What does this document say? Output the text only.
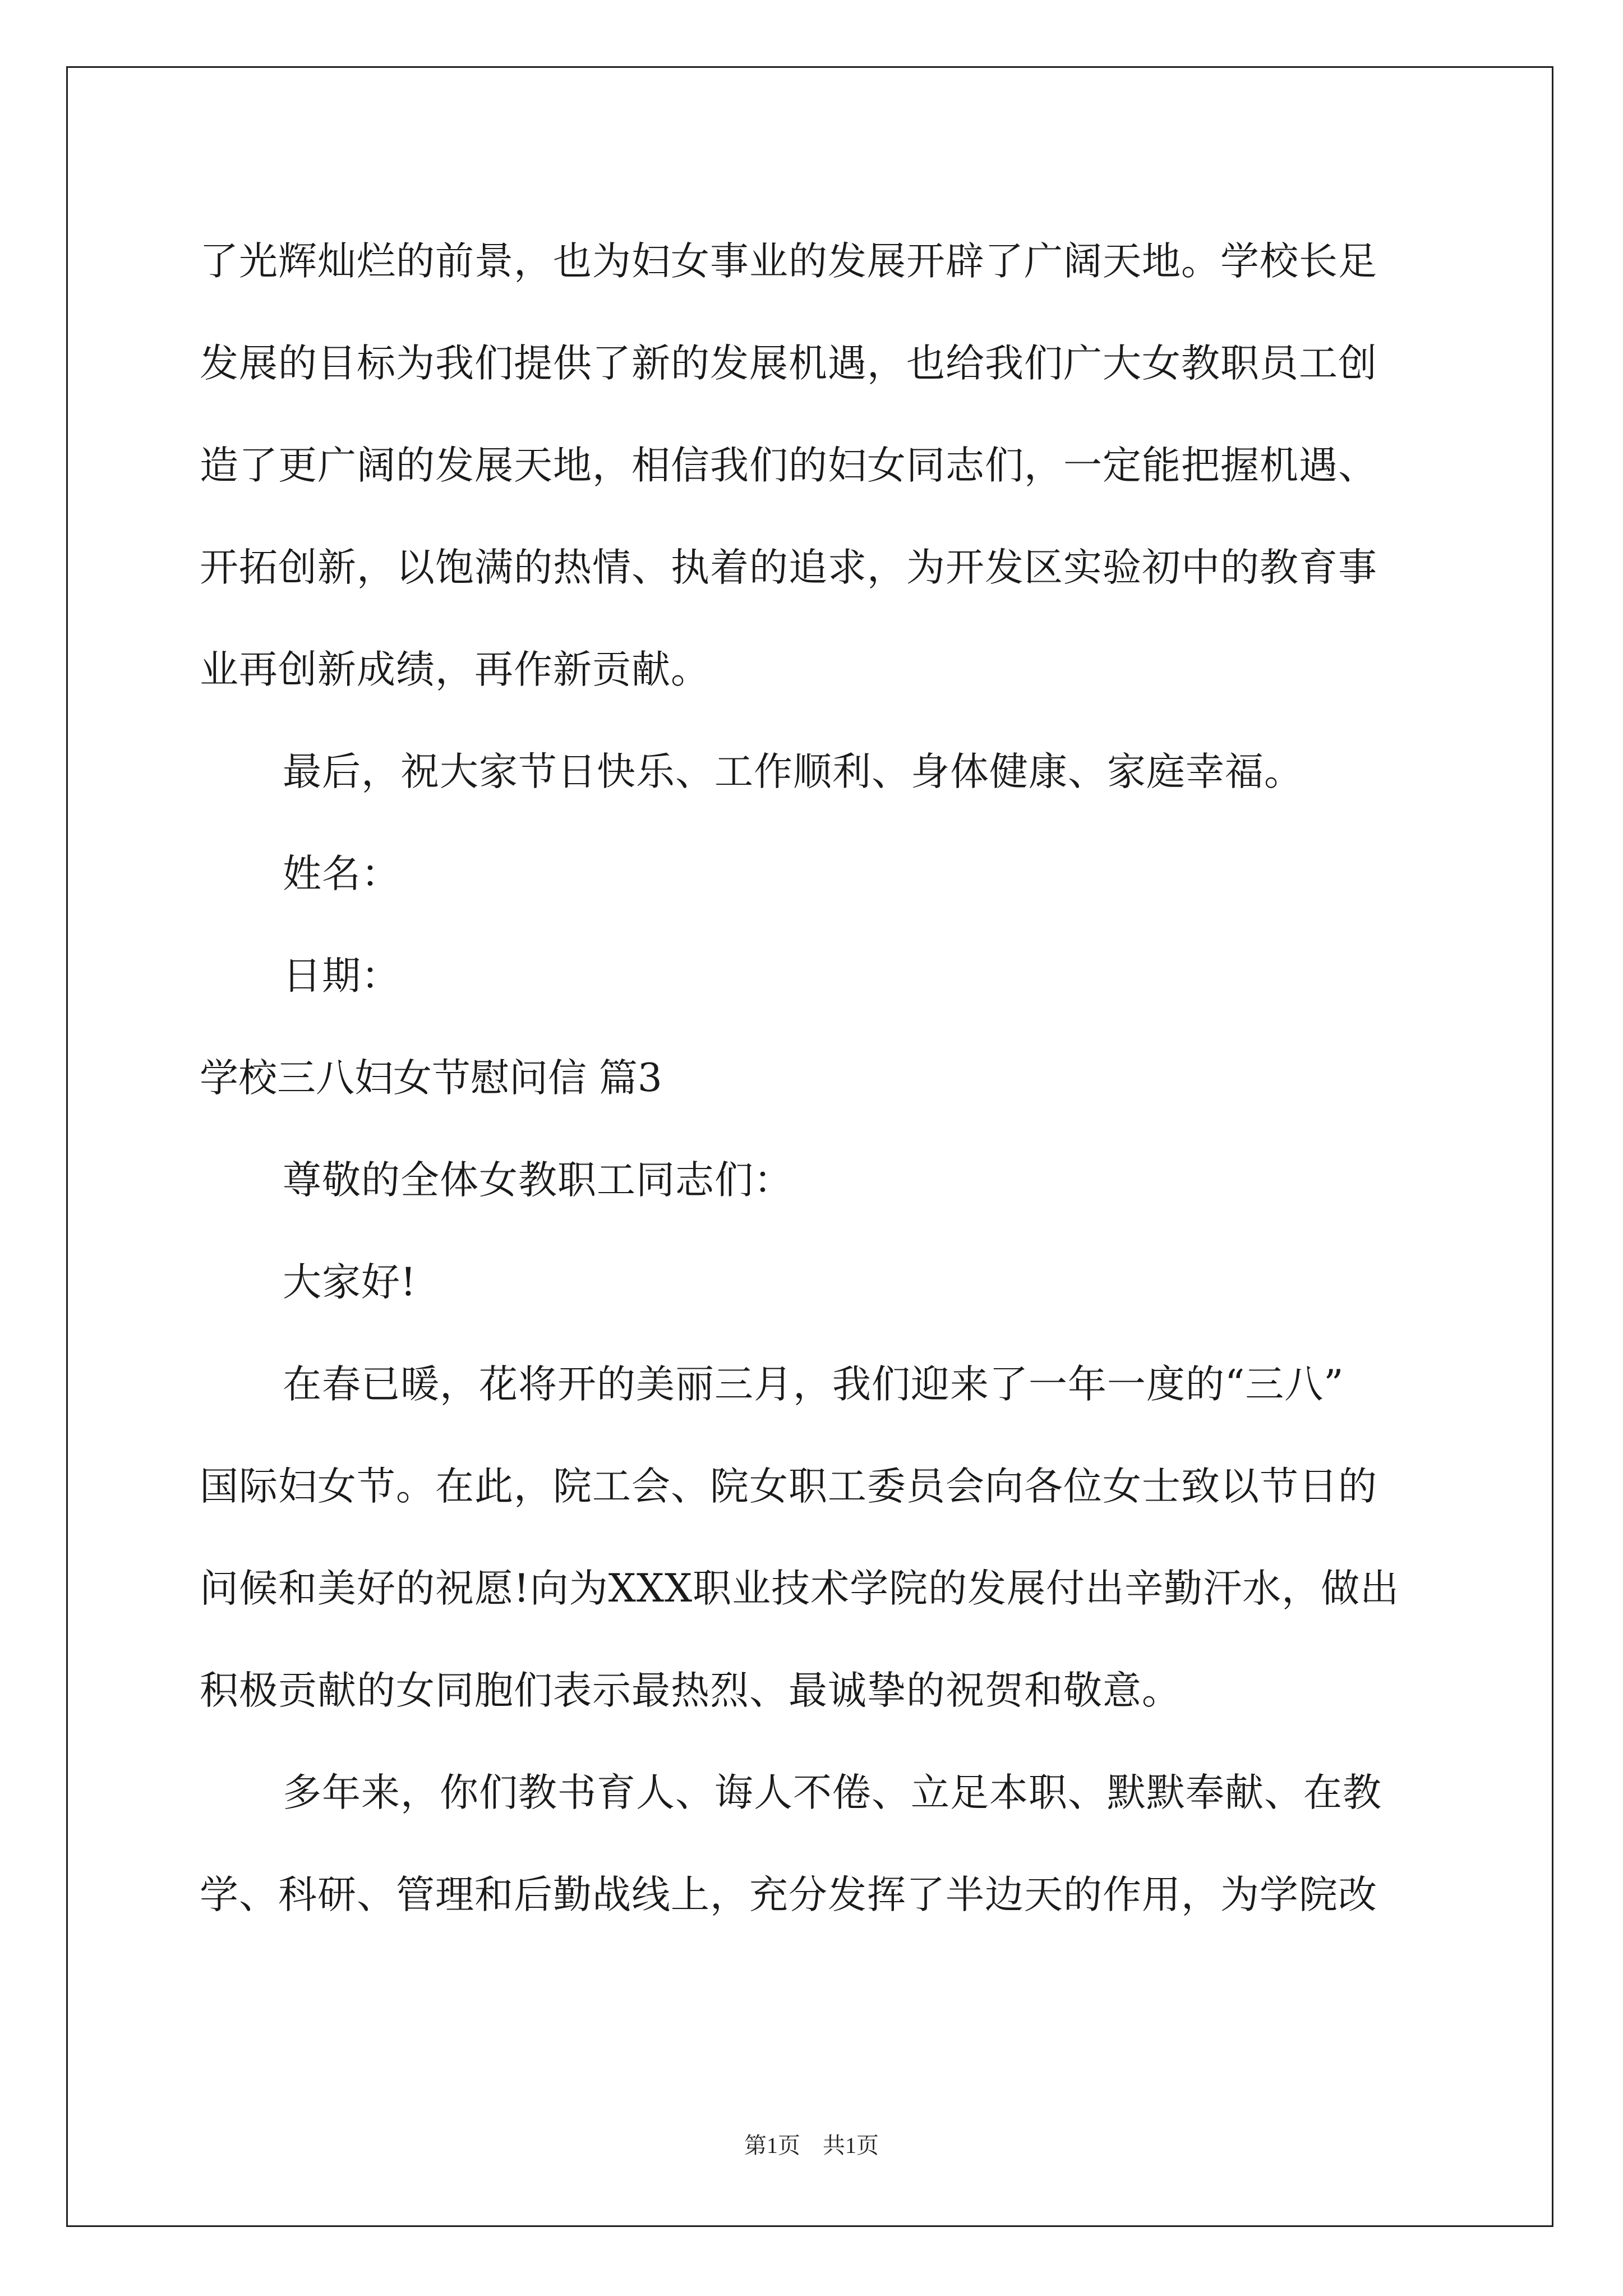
了光辉灿烂的前景，也为妇女事业的发展开辟了广阔天地。学校长足
发展的目标为我们提供了新的发展机遇，也给我们广大女教职员工创
造了更广阔的发展天地，相信我们的妇女同志们，一定能把握机遇、
开拓创新，以饱满的热情、执着的追求，为开发区实验初中的教育事
业再创新成绩，再作新贡献。
最后，祝大家节日快乐、工作顺利、身体健康、家庭幸福。
姓名：
日期：
学校三八妇女节慰问信 篇3
尊敬的全体女教职工同志们：
大家好!
在春已暖，花将开的美丽三月，我们迎来了一年一度的“三八”
国际妇女节。在此，院工会、院女职工委员会向各位女士致以节日的
问候和美好的祝愿!向为XXX职业技术学院的发展付出辛勤汗水，做出
积极贡献的女同胞们表示最热烈、最诚挚的祝贺和敬意。
多年来，你们教书育人、诲人不倦、立足本职、默默奉献、在教
学、科研、管理和后勤战线上，充分发挥了半边天的作用，为学院改
第1页 共1页
